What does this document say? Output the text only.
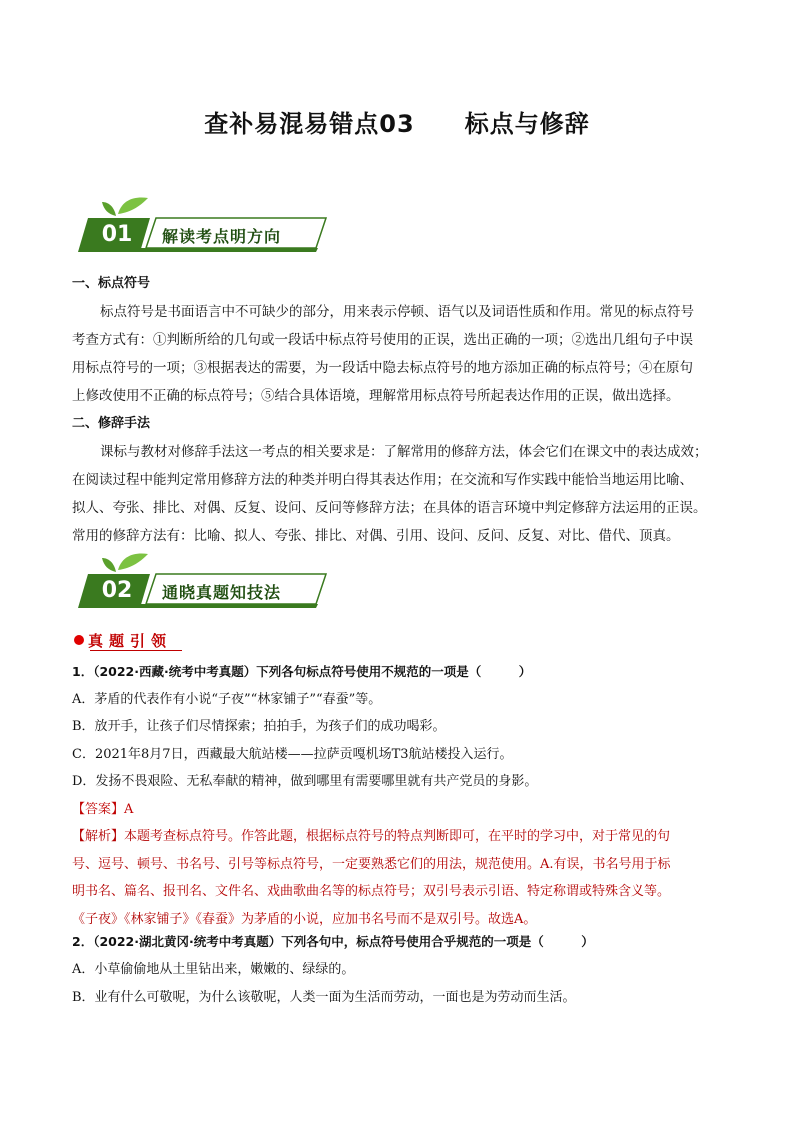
查补易混易错点03　　标点与修辞
01	解读考点明方向
一、标点符号
标点符号是书面语言中不可缺少的部分，用来表示停顿、语气以及词语性质和作用。常见的标点符号
考查方式有：①判断所给的几句或一段话中标点符号使用的正误，选出正确的一项；②选出几组句子中误
用标点符号的一项；③根据表达的需要，为一段话中隐去标点符号的地方添加正确的标点符号；④在原句
上修改使用不正确的标点符号；⑤结合具体语境，理解常用标点符号所起表达作用的正误，做出选择。
二、修辞手法
课标与教材对修辞手法这一考点的相关要求是：了解常用的修辞方法，体会它们在课文中的表达成效；
在阅读过程中能判定常用修辞方法的种类并明白得其表达作用；在交流和写作实践中能恰当地运用比喻、
拟人、夸张、排比、对偶、反复、设问、反问等修辞方法；在具体的语言环境中判定修辞方法运用的正误。
常用的修辞方法有：比喻、拟人、夸张、排比、对偶、引用、设问、反问、反复、对比、借代、顶真。
02	通晓真题知技法
真题引领
1．（2022·西藏·统考中考真题）下列各句标点符号使用不规范的一项是（　　　）
A．茅盾的代表作有小说“子夜”“林家铺子”“春蚕”等。
B．放开手，让孩子们尽情探索；拍拍手，为孩子们的成功喝彩。
C．2021年8月7日，西藏最大航站楼——拉萨贡嘎机场T3航站楼投入运行。
D．发扬不畏艰险、无私奉献的精神，做到哪里有需要哪里就有共产党员的身影。
【答案】A
【解析】本题考查标点符号。作答此题，根据标点符号的特点判断即可，在平时的学习中，对于常见的句
号、逗号、顿号、书名号、引号等标点符号，一定要熟悉它们的用法，规范使用。A.有误，书名号用于标
明书名、篇名、报刊名、文件名、戏曲歌曲名等的标点符号；双引号表示引语、特定称谓或特殊含义等。
《子夜》《林家铺子》《春蚕》为茅盾的小说，应加书名号而不是双引号。故选A。
2．（2022·湖北黄冈·统考中考真题）下列各句中，标点符号使用合乎规范的一项是（　　　）
A．小草偷偷地从土里钻出来，嫩嫩的、绿绿的。
B．业有什么可敬呢，为什么该敬呢，人类一面为生活而劳动，一面也是为劳动而生活。
